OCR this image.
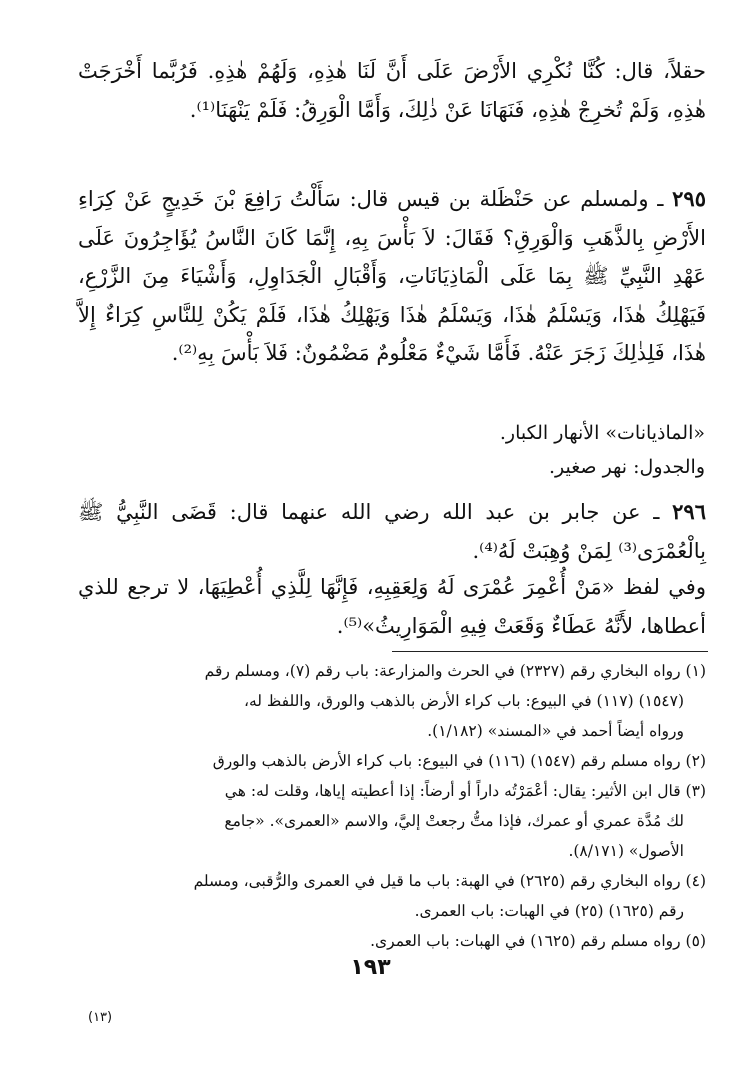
حقلاً، قال: كُنَّا نُكْرِي الأَرْضَ عَلَى أَنَّ لَنَا هٰذِهِ، وَلَهُمْ هٰذِهِ. فَرُبَّما أَخْرَجَتْ هٰذِهِ، وَلَمْ تُخرِجْ هٰذِهِ، فَنَهَانَا عَنْ ذٰلِكَ، وَأَمَّا الْوَرِقُ: فَلَمْ يَنْهَنَا⁽¹⁾.
٢٩٥ ـ ولمسلم عن حَنْظَلة بن قيس قال: سَأَلْتُ رَافِعَ بْنَ خَدِيجٍ عَنْ كِرَاءِ الأَرْضِ بِالذَّهَبِ وَالْوَرِقِ؟ فَقَالَ: لاَ بَأْسَ بِهِ، إِنَّمَا كَانَ النَّاسُ يُؤَاجِرُونَ عَلَى عَهْدِ النَّبِيِّ ﷺ بِمَا عَلَى الْمَاذِيَانَاتِ، وَأَقْبَالِ الْجَدَاوِلِ، وَأَشْيَاءَ مِنَ الزَّرْعِ، فَيَهْلِكُ هٰذَا، وَيَسْلَمُ هٰذَا، وَيَسْلَمُ هٰذَا وَيَهْلِكُ هٰذَا، فَلَمْ يَكُنْ لِلنَّاسِ كِرَاءٌ إِلاَّ هٰذَا، فَلِذٰلِكَ زَجَرَ عَنْهُ. فَأَمَّا شَيْءٌ مَعْلُومٌ مَضْمُونٌ: فَلاَ بَأْسَ بِهِ⁽²⁾.
«الماذيانات» الأنهار الكبار.
والجدول: نهر صغير.
٢٩٦ ـ عن جابر بن عبد الله رضي الله عنهما قال: قَضَى النَّبِيُّ ﷺ بِالْعُمْرَى⁽³⁾ لِمَنْ وُهِبَتْ لَهُ⁽⁴⁾.
وفي لفظ «مَنْ أُعْمِرَ عُمْرَى لَهُ وَلِعَقِبِهِ، فَإِنَّهَا لِلَّذِي أُعْطِيَهَا، لا ترجع للذي أعطاها، لأَنَّهُ عَطَاءٌ وَقَعَتْ فِيهِ الْمَوَارِيثُ»⁽⁵⁾.
(١) رواه البخاري رقم (٢٣٢٧) في الحرث والمزارعة: باب رقم (٧)، ومسلم رقم
(١٥٤٧) (١١٧) في البيوع: باب كراء الأرض بالذهب والورق، واللفظ له،
ورواه أيضاً أحمد في «المسند» (١/١٨٢).
(٢) رواه مسلم رقم (١٥٤٧) (١١٦) في البيوع: باب كراء الأرض بالذهب والورق
(٣) قال ابن الأثير: يقال: أعْمَرْتُه داراً أو أرضاً: إذا أعطيته إياها، وقلت له: هي
لك مُدَّة عمري أو عمرك، فإذا متُّ رجعتْ إليَّ، والاسم «العمرى». «جامع
الأصول» (٨/١٧١).
(٤) رواه البخاري رقم (٢٦٢٥) في الهبة: باب ما قيل في العمرى والرُّقبى، ومسلم
رقم (١٦٢٥) (٢٥) في الهبات: باب العمرى.
(٥) رواه مسلم رقم (١٦٢٥) في الهبات: باب العمرى.
١٩٣
(١٣)
